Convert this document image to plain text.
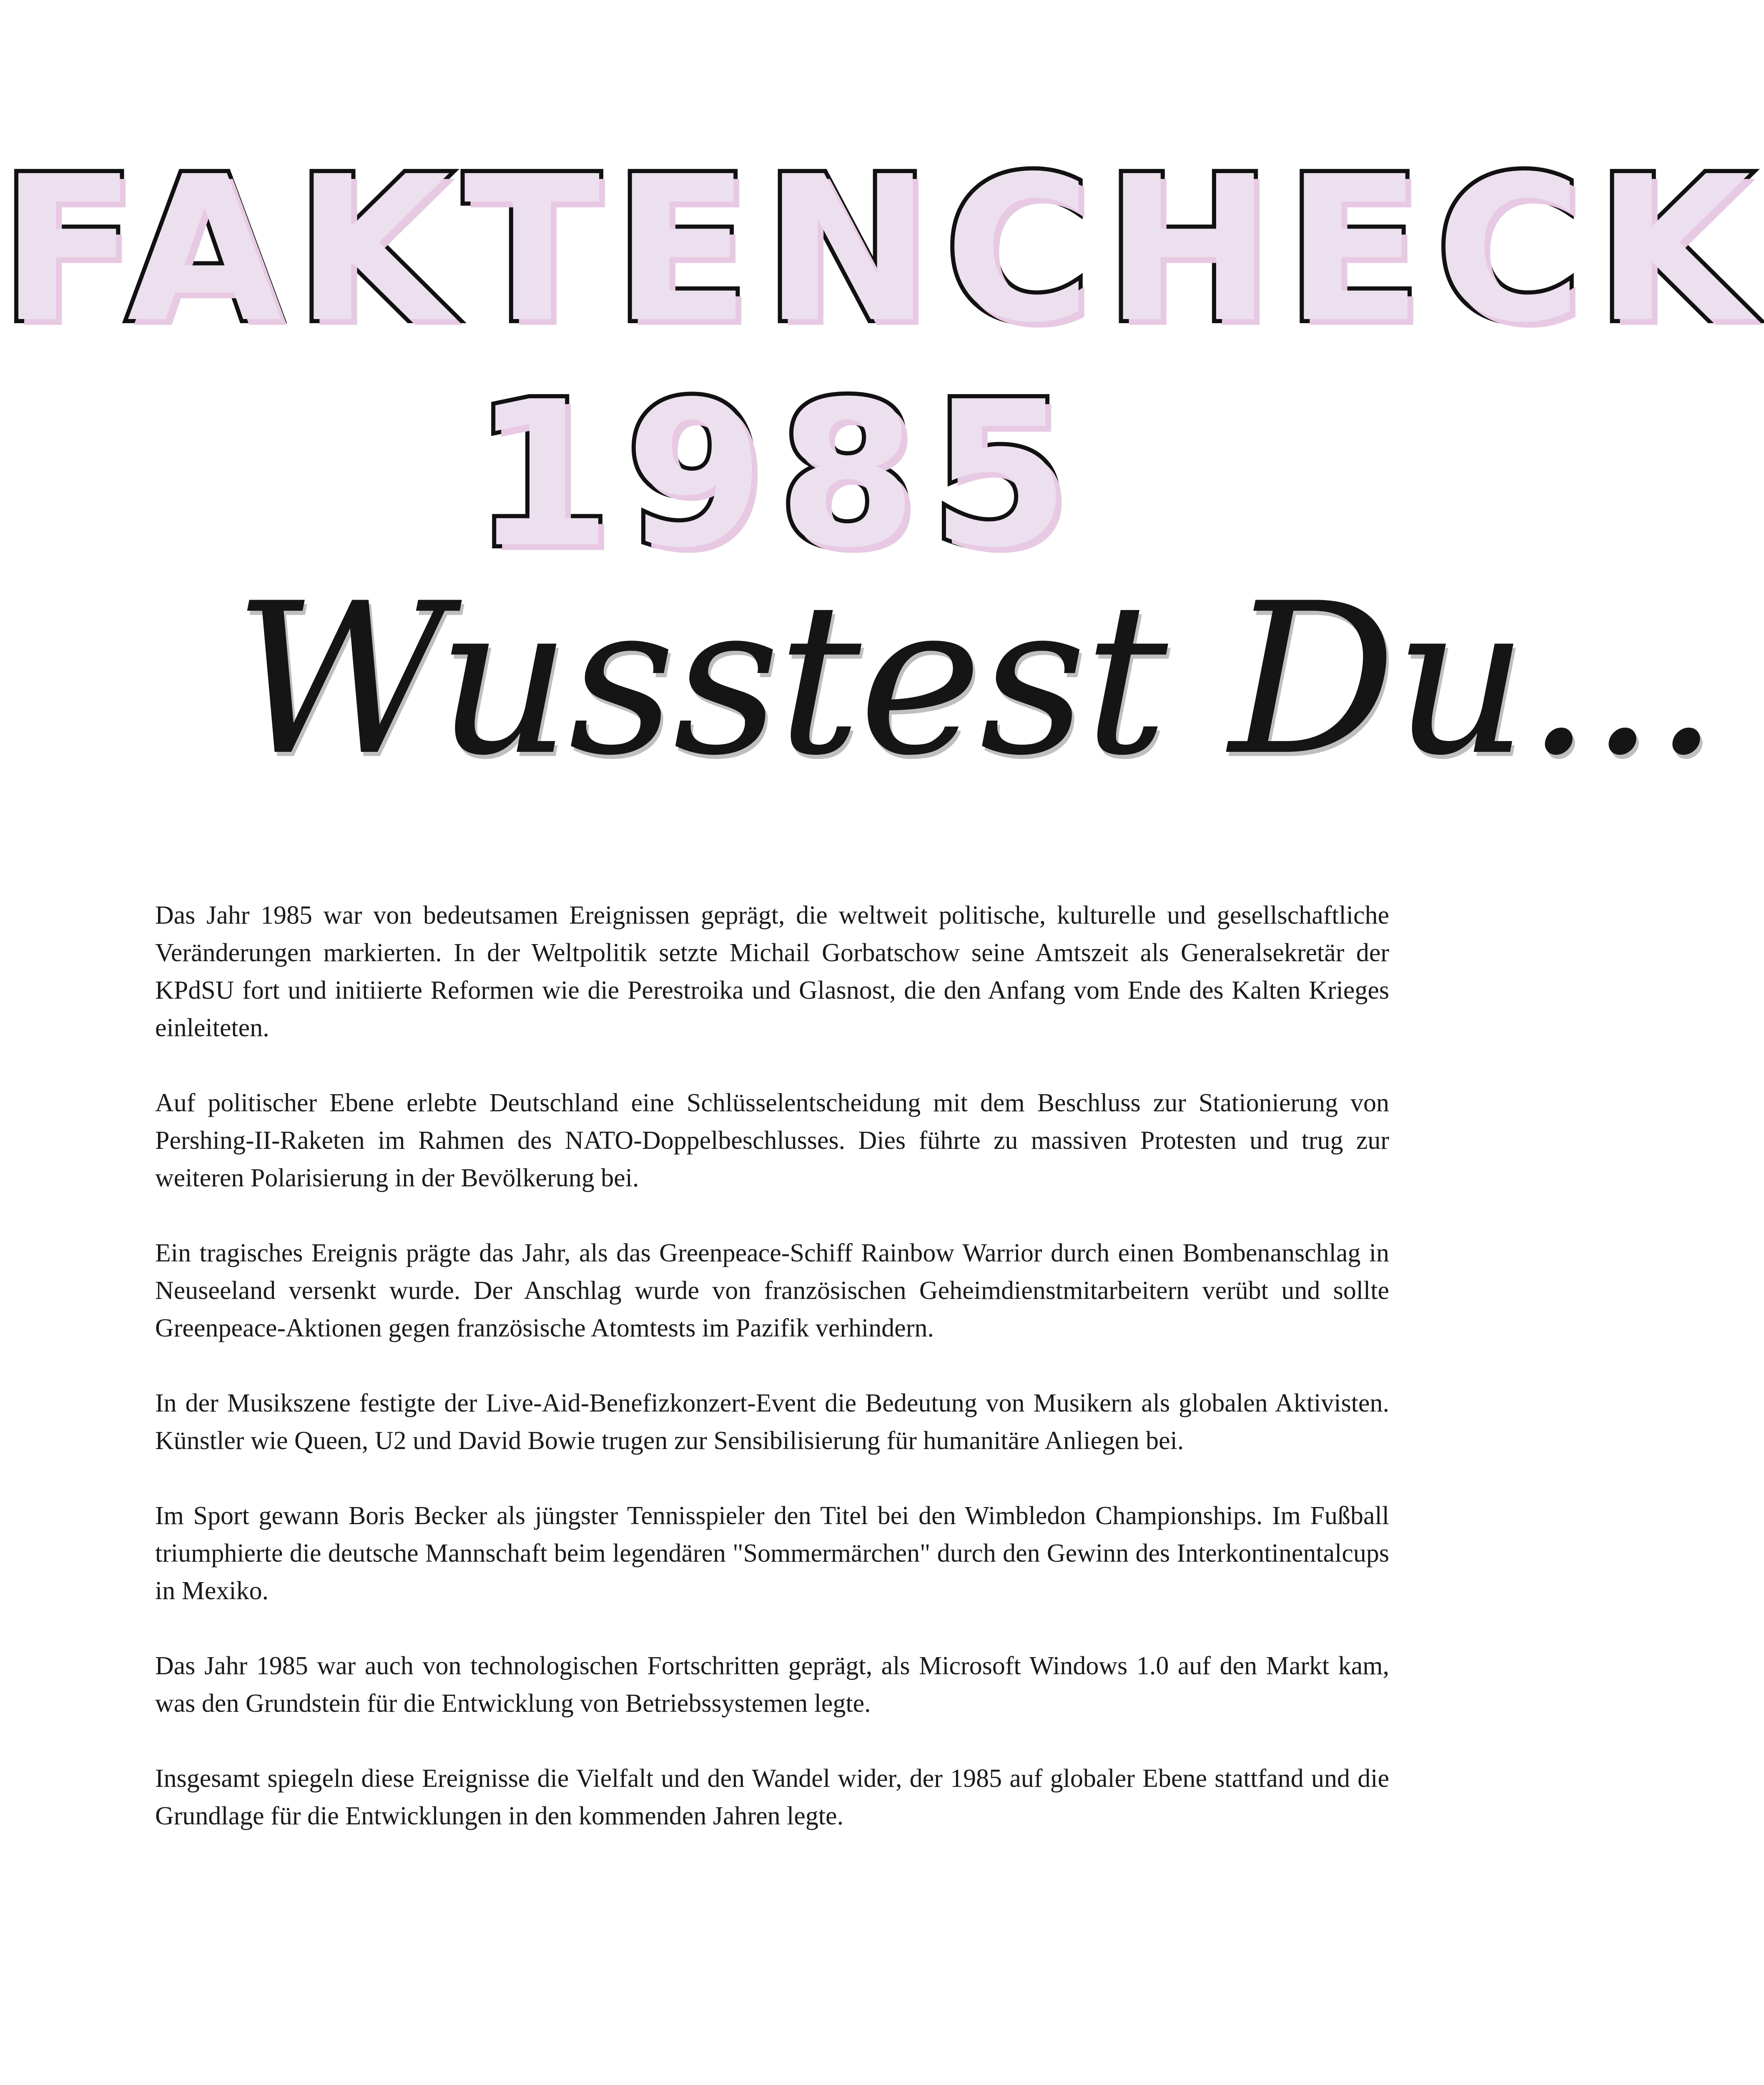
FAKTENCHECK
1985
Wusstest Du...

Das Jahr 1985 war von bedeutsamen Ereignissen geprägt, die weltweit politische, kulturelle und gesellschaftliche Veränderungen markierten. In der Weltpolitik setzte Michail Gorbatschow seine Amtszeit als Generalsekretär der KPdSU fort und initiierte Reformen wie die Perestroika und Glasnost, die den Anfang vom Ende des Kalten Krieges einleiteten.

Auf politischer Ebene erlebte Deutschland eine Schlüsselentscheidung mit dem Beschluss zur Stationierung von Pershing-II-Raketen im Rahmen des NATO-Doppelbeschlusses. Dies führte zu massiven Protesten und trug zur weiteren Polarisierung in der Bevölkerung bei.

Ein tragisches Ereignis prägte das Jahr, als das Greenpeace-Schiff Rainbow Warrior durch einen Bombenanschlag in Neuseeland versenkt wurde. Der Anschlag wurde von französischen Geheimdienstmitarbeitern verübt und sollte Greenpeace-Aktionen gegen französische Atomtests im Pazifik verhindern.

In der Musikszene festigte der Live-Aid-Benefizkonzert-Event die Bedeutung von Musikern als globalen Aktivisten. Künstler wie Queen, U2 und David Bowie trugen zur Sensibilisierung für humanitäre Anliegen bei.

Im Sport gewann Boris Becker als jüngster Tennisspieler den Titel bei den Wimbledon Championships. Im Fußball triumphierte die deutsche Mannschaft beim legendären "Sommermärchen" durch den Gewinn des Interkontinentalcups in Mexiko.

Das Jahr 1985 war auch von technologischen Fortschritten geprägt, als Microsoft Windows 1.0 auf den Markt kam, was den Grundstein für die Entwicklung von Betriebssystemen legte.

Insgesamt spiegeln diese Ereignisse die Vielfalt und den Wandel wider, der 1985 auf globaler Ebene stattfand und die Grundlage für die Entwicklungen in den kommenden Jahren legte.
